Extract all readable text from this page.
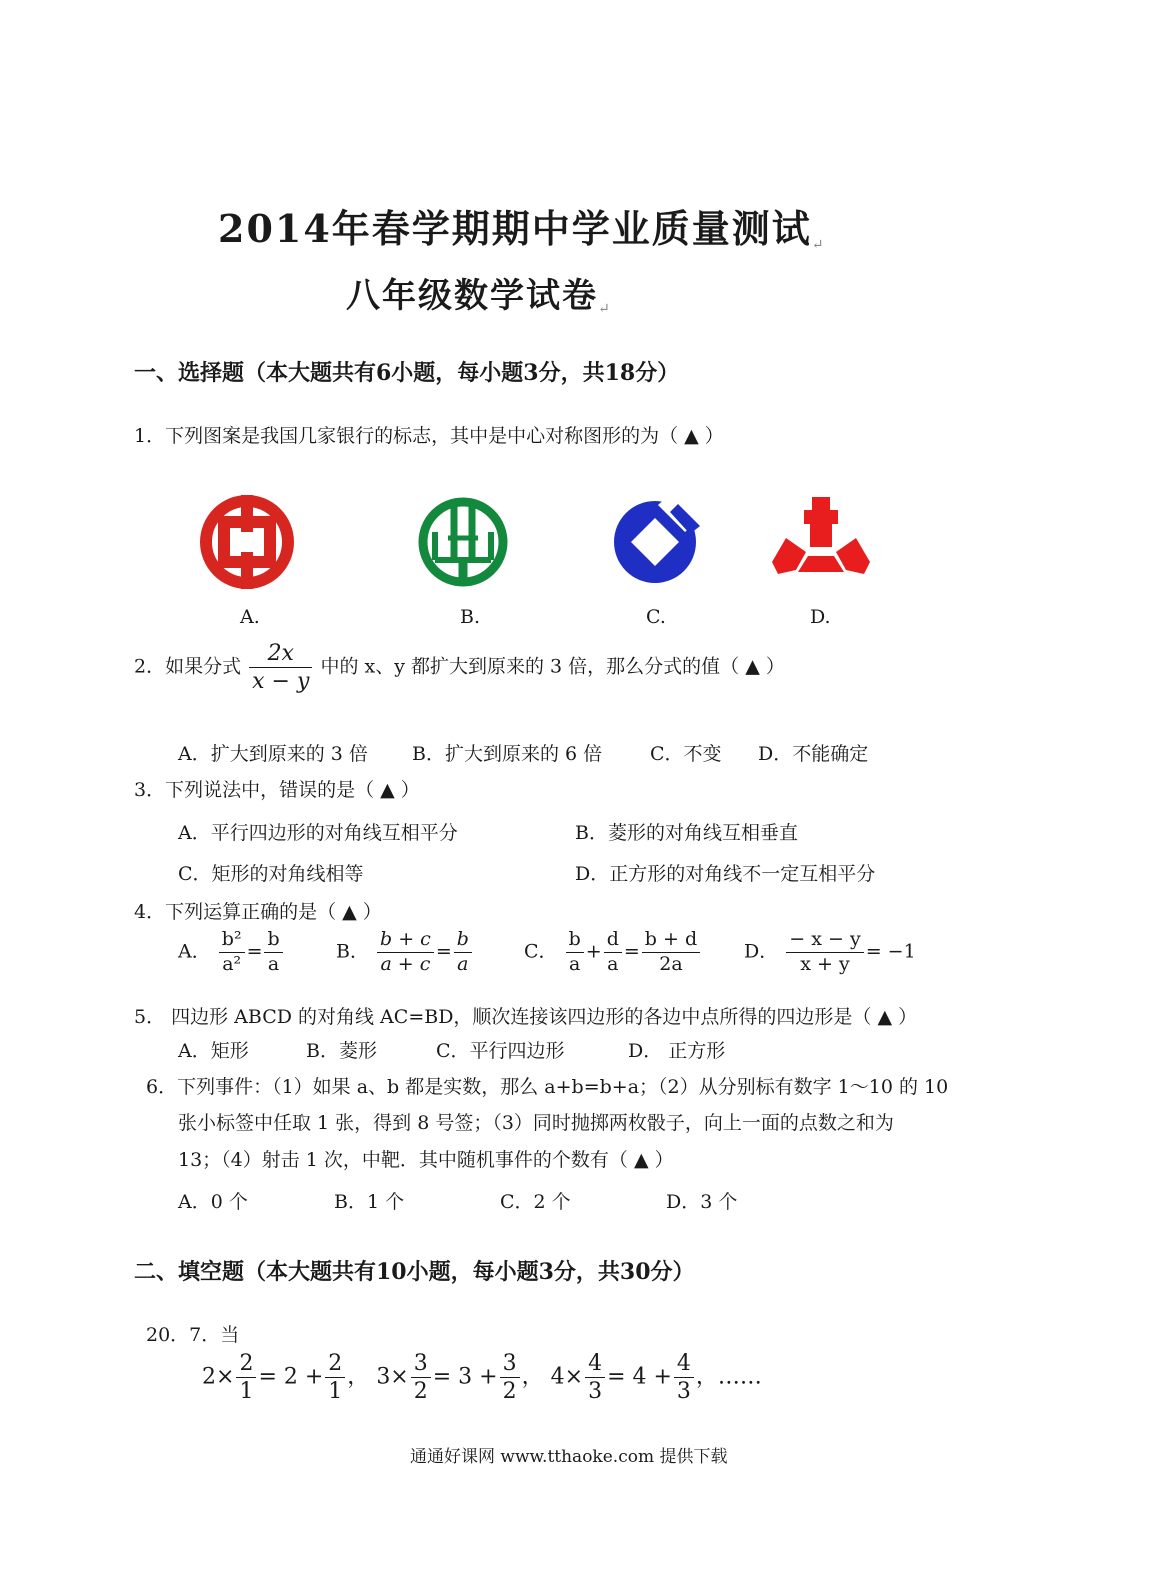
2014年春学期期中学业质量测试↵
八年级数学试卷↵
一、选择题（本大题共有6小题，每小题3分，共18分）
1．下列图案是我国几家银行的标志，其中是中心对称图形的为（ ▲ ）
A.	B.	C.	D.
2．如果分式 $\frac{2x}{x - y}$ 中的 x、y 都扩大到原来的 3 倍，那么分式的值（ ▲ ）
A．扩大到原来的 3 倍 B．扩大到原来的 6 倍	C．不变 D．不能确定
3．下列说法中，错误的是（ ▲ ）
A．平行四边形的对角线互相平分	B．菱形的对角线互相垂直
C．矩形的对角线相等	D．正方形的对角线不一定互相平分
4．下列运算正确的是（ ▲ ）
A． $\frac{\text{b²}}{\text{a²}} = \frac{b}{a}$	B． $\frac{b + c}{a + c} = \frac{b}{a}$	C． $\frac{b}{a} + \frac{d}{a} = \frac{b + d}{2a}$ D． $\frac{- x - y}{x + y} = -1$
5． 四边形 ABCD 的对角线 AC=BD，顺次连接该四边形的各边中点所得的四边形是（ ▲ ）
A．矩形	B．菱形	C．平行四边形	D． 正方形
6．下列事件：（1）如果 a、b 都是实数，那么 a+b=b+a；（2）从分别标有数字 1～10 的 10
张小标签中任取 1 张，得到 8 号签；（3）同时抛掷两枚骰子，向上一面的点数之和为
13；（4）射击 1 次，中靶．其中随机事件的个数有（ ▲ ）
A．0 个	B．1 个	C．2 个	D．3 个
二、填空题（本大题共有10小题，每小题3分，共30分）
20．7．当
$2\times \frac{2}{1} = 2 + \frac{2}{1}$ ， $3\times \frac{3}{2} = 3 + \frac{3}{2}$ ， $4\times \frac{4}{3} = 4 + \frac{4}{3}$ ，……
通通好课网 www.tthaoke.com 提供下载
